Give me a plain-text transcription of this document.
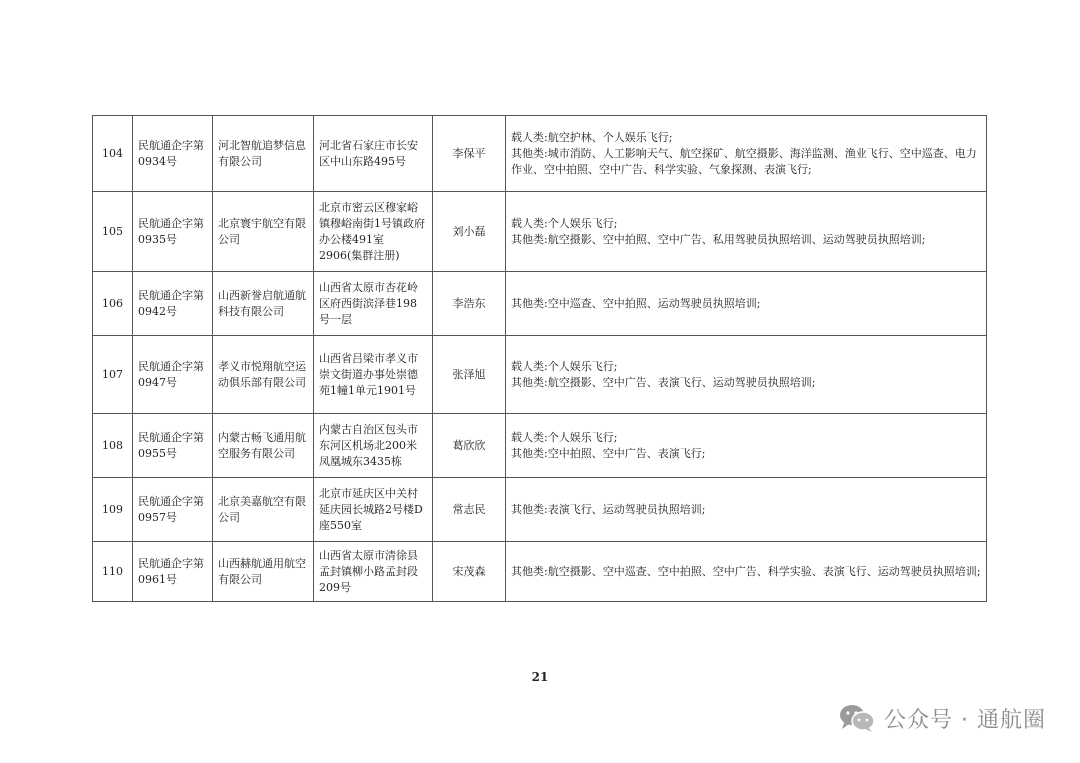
104	民航通企字第0934号	河北智航追梦信息有限公司	河北省石家庄市长安区中山东路495号	李保平	载人类:航空护林、个人娱乐飞行;
其他类:城市消防、人工影响天气、航空探矿、航空摄影、海洋监测、渔业飞行、空中巡查、电力作业、空中拍照、空中广告、科学实验、气象探测、表演飞行;

105	民航通企字第0935号	北京寰宇航空有限公司	北京市密云区穆家峪镇穆峪南街1号镇政府办公楼491室2906(集群注册)	刘小磊	载人类:个人娱乐飞行;
其他类:航空摄影、空中拍照、空中广告、私用驾驶员执照培训、运动驾驶员执照培训;

106	民航通企字第0942号	山西新誉启航通航科技有限公司	山西省太原市杏花岭区府西街滨泽巷198号一层	李浩东	其他类:空中巡查、空中拍照、运动驾驶员执照培训;

107	民航通企字第0947号	孝义市悦翔航空运动俱乐部有限公司	山西省吕梁市孝义市崇文街道办事处崇德苑1幢1单元1901号	张泽旭	载人类:个人娱乐飞行;
其他类:航空摄影、空中广告、表演飞行、运动驾驶员执照培训;

108	民航通企字第0955号	内蒙古畅飞通用航空服务有限公司	内蒙古自治区包头市东河区机场北200米凤凰城东3435栋	葛欣欣	载人类:个人娱乐飞行;
其他类:空中拍照、空中广告、表演飞行;

109	民航通企字第0957号	北京美嘉航空有限公司	北京市延庆区中关村延庆园长城路2号楼D座550室	常志民	其他类:表演飞行、运动驾驶员执照培训;

110	民航通企字第0961号	山西赫航通用航空有限公司	山西省太原市清徐县孟封镇柳小路孟封段209号	宋茂森	其他类:航空摄影、空中巡查、空中拍照、空中广告、科学实验、表演飞行、运动驾驶员执照培训;
21
公众号 · 通航圈
